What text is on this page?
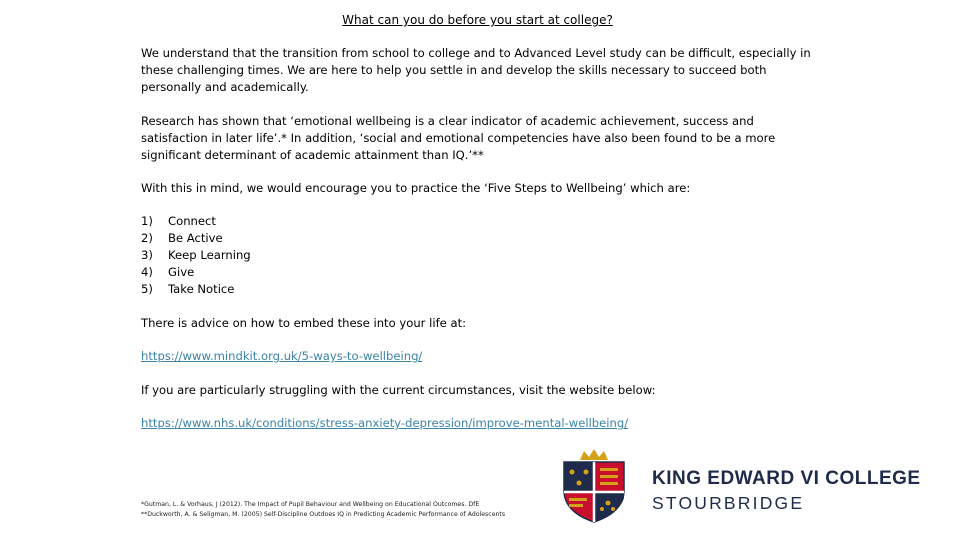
What can you do before you start at college?

We understand that the transition from school to college and to Advanced Level study can be difficult, especially in these challenging times. We are here to help you settle in and develop the skills necessary to succeed both personally and academically.

Research has shown that ‘emotional wellbeing is a clear indicator of academic achievement, success and satisfaction in later life’.* In addition, ‘social and emotional competencies have also been found to be a more significant determinant of academic attainment than IQ.’**

With this in mind, we would encourage you to practice the ‘Five Steps to Wellbeing’ which are:

1)	Connect
2)	Be Active
3)	Keep Learning
4)	Give
5)	Take Notice

There is advice on how to embed these into your life at:

https://www.mindkit.org.uk/5-ways-to-wellbeing/

If you are particularly struggling with the current circumstances, visit the website below:

https://www.nhs.uk/conditions/stress-anxiety-depression/improve-mental-wellbeing/
*Gutman, L. & Vorhaus, J (2012). The Impact of Pupil Behaviour and Wellbeing on Educational Outcomes. DfE
**Duckworth, A. & Seligman, M. (2005) Self-Discipline Outdoes IQ in Predicting Academic Performance of Adolescents
KING EDWARD VI COLLEGE
STOURBRIDGE
